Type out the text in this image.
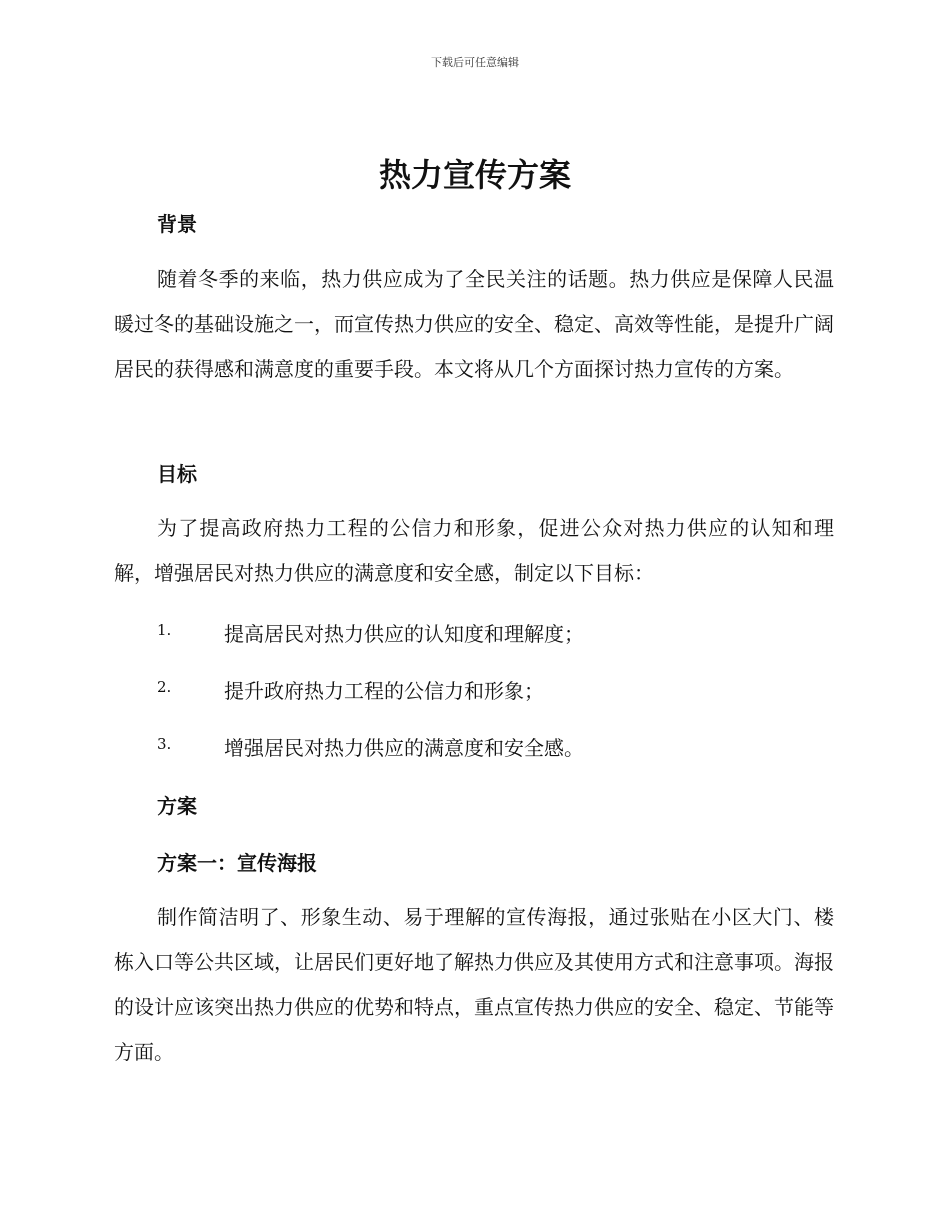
下载后可任意编辑
热力宣传方案
背景
随着冬季的来临，热力供应成为了全民关注的话题。热力供应是保障人民温暖过冬的基础设施之一，而宣传热力供应的安全、稳定、高效等性能，是提升广阔居民的获得感和满意度的重要手段。本文将从几个方面探讨热力宣传的方案。
目标
为了提高政府热力工程的公信力和形象，促进公众对热力供应的认知和理解，增强居民对热力供应的满意度和安全感，制定以下目标：
1.	提高居民对热力供应的认知度和理解度；
2.	提升政府热力工程的公信力和形象；
3.	增强居民对热力供应的满意度和安全感。
方案
方案一：宣传海报
制作简洁明了、形象生动、易于理解的宣传海报，通过张贴在小区大门、楼栋入口等公共区域，让居民们更好地了解热力供应及其使用方式和注意事项。海报的设计应该突出热力供应的优势和特点，重点宣传热力供应的安全、稳定、节能等方面。
